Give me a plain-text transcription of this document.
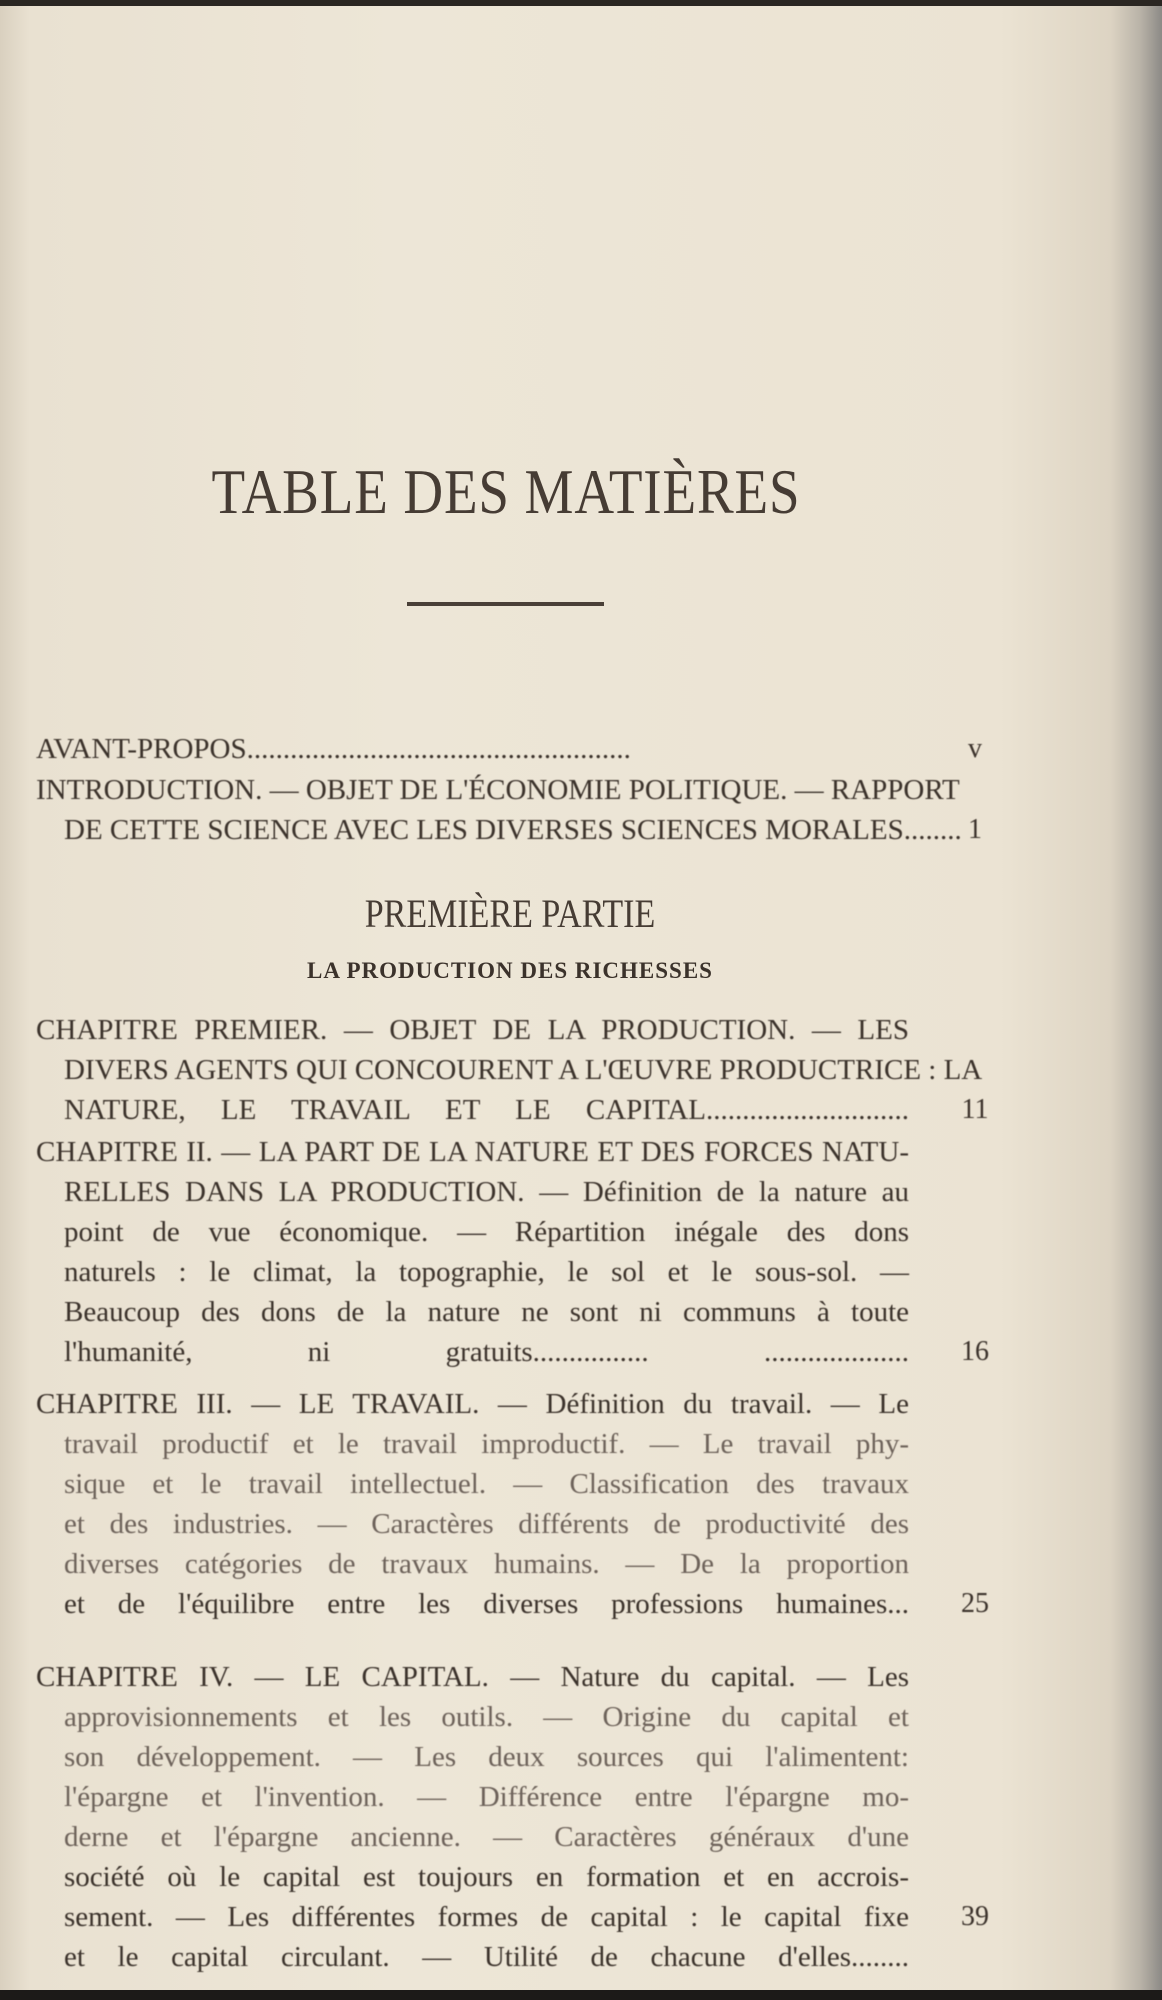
TABLE DES MATIÈRES
PREMIÈRE PARTIE
LA PRODUCTION DES RICHESSES
AVANT-PROPOS.....................................................	v
INTRODUCTION. — OBJET DE L'ÉCONOMIE POLITIQUE. — RAPPORT
DE CETTE SCIENCE AVEC LES DIVERSES SCIENCES MORALES........ 1
CHAPITRE PREMIER. — OBJET DE LA PRODUCTION. — LES
DIVERS AGENTS QUI CONCOURENT A L'ŒUVRE PRODUCTRICE : LA
NATURE, LE TRAVAIL ET LE CAPITAL............................ 11
CHAPITRE II. — LA PART DE LA NATURE ET DES FORCES NATU-
RELLES DANS LA PRODUCTION. — Définition de la nature au
point de vue économique. — Répartition inégale des dons
naturels : le climat, la topographie, le sol et le sous-sol. —
Beaucoup des dons de la nature ne sont ni communs à toute
l'humanité, ni gratuits................ .................... 16
CHAPITRE III. — LE TRAVAIL. — Définition du travail. — Le
travail productif et le travail improductif. — Le travail phy-
sique et le travail intellectuel. — Classification des travaux
et des industries. — Caractères différents de productivité des
diverses catégories de travaux humains. — De la proportion
et de l'équilibre entre les diverses professions humaines... 25
CHAPITRE IV. — LE CAPITAL. — Nature du capital. — Les
approvisionnements et les outils. — Origine du capital et
son développement. — Les deux sources qui l'alimentent:
l'épargne et l'invention. — Différence entre l'épargne mo-
derne et l'épargne ancienne. — Caractères généraux d'une
société où le capital est toujours en formation et en accrois-
sement. — Les différentes formes de capital : le capital fixe
et le capital circulant. — Utilité de chacune d'elles........
39
